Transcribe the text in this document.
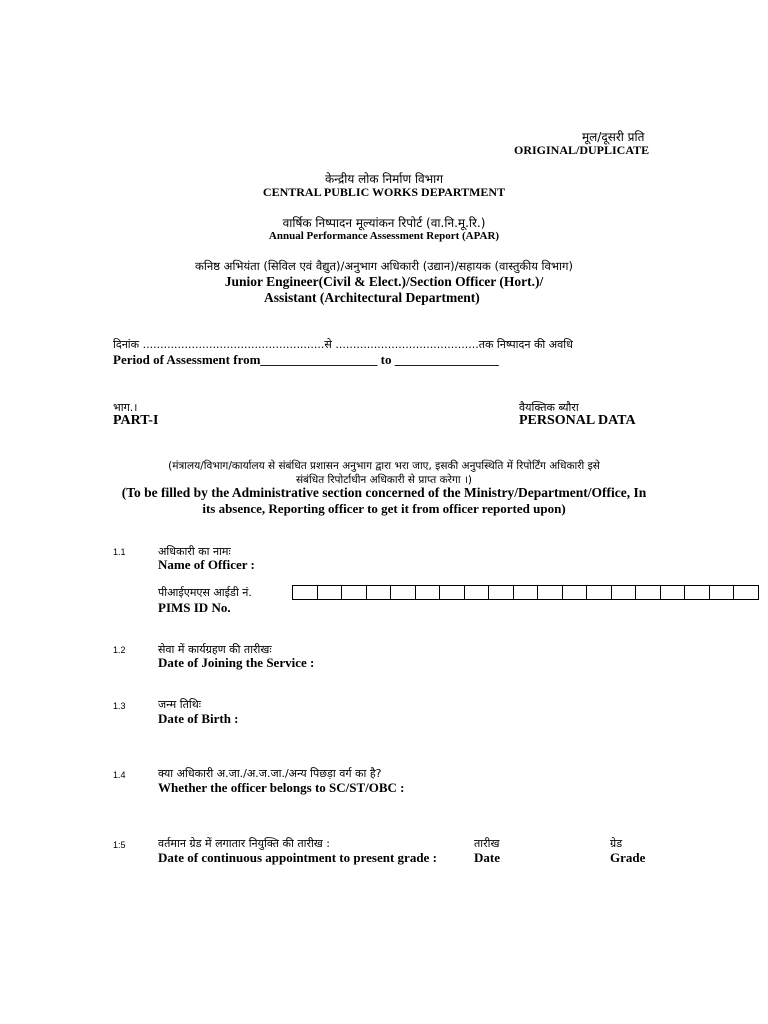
मूल/दूसरी प्रति
ORIGINAL/DUPLICATE
केन्द्रीय लोक निर्माण विभाग
CENTRAL PUBLIC WORKS DEPARTMENT
वार्षिक निष्पादन मूल्यांकन रिपोर्ट (वा.नि.मू.रि.)
Annual Performance Assessment Report (APAR)
कनिष्ठ अभियंता (सिविल एवं वैद्युत)/अनुभाग अधिकारी (उद्यान)/सहायक (वास्तुकीय विभाग)
Junior Engineer(Civil & Elect.)/Section Officer (Hort.)/
Assistant (Architectural Department)
दिनांक ....................................................से .........................................तक निष्पादन की अवधि
Period of Assessment from__________________ to ________________
भाग.।
PART-I
वैयक्तिक ब्यौरा
PERSONAL DATA
(मंत्रालय/विभाग/कार्यालय से संबंधित प्रशासन अनुभाग द्वारा भरा जाए, इसकी अनुपस्थिति में रिपोर्टिंग अधिकारी इसे
संबंधित रिपोर्टाधीन अधिकारी से प्राप्त करेगा ।)
(To be filled by the Administrative section concerned of the Ministry/Department/Office, In
its absence, Reporting officer to get it from officer reported upon)
1.1	अधिकारी का नामः
Name of Officer :
पीआईएमएस आईडी नं.
PIMS ID No.
1.2	सेवा में कार्यग्रहण की तारीखः
Date of Joining the Service :
1.3	जन्म तिथिः
Date of Birth :
1.4	क्या अधिकारी अ.जा./अ.ज.जा./अन्य पिछड़ा वर्ग का है?
Whether the officer belongs to SC/ST/OBC :
1:5	वर्तमान ग्रेड में लगातार नियुक्ति की तारीख :
Date of continuous appointment to present grade :
तारीख
Date
ग्रेड
Grade
